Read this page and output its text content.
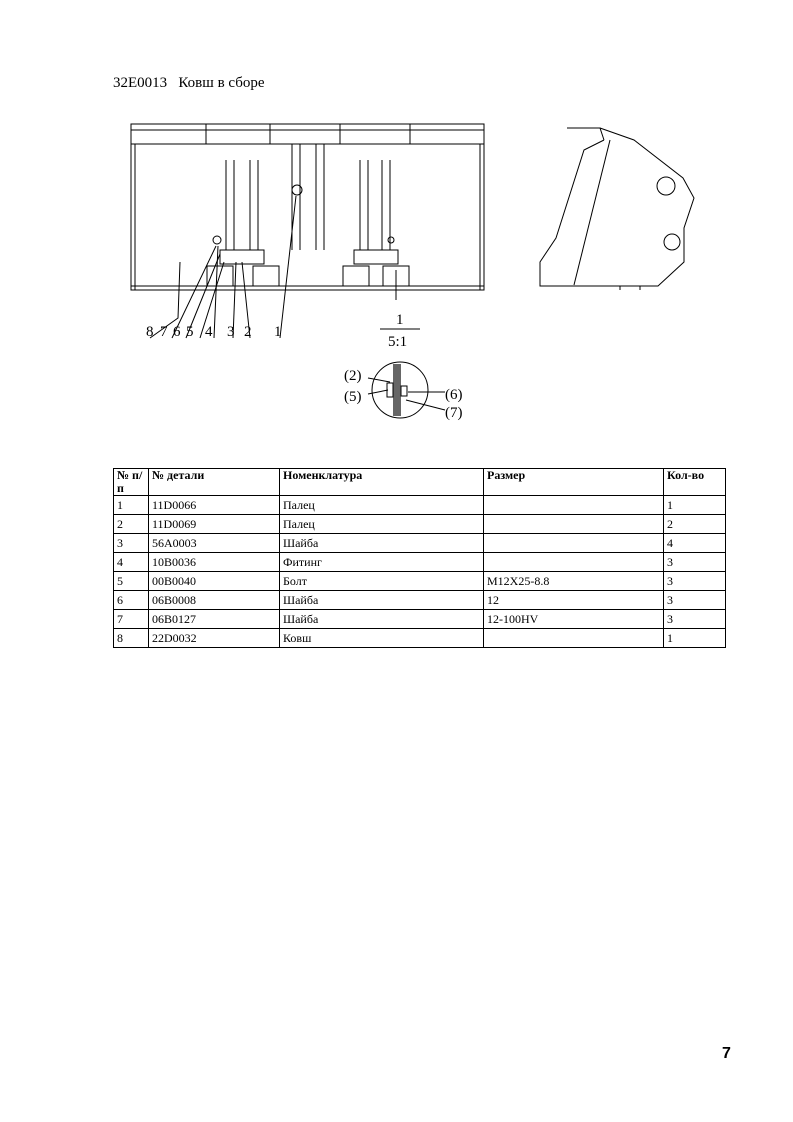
32E0013 Ковш в сборе
8 7 6 5 4 3 2 1
1
5:1
(2)
(5)	(6)
(7)
№ п/п	№ детали	Номенклатура	Размер	Кол-во
1	11D0066	Палец		1
2	11D0069	Палец		2
3	56A0003	Шайба		4
4	10B0036	Фитинг		3
5	00B0040	Болт	M12X25-8.8	3
6	06B0008	Шайба	12	3
7	06B0127	Шайба	12-100HV	3
8	22D0032	Ковш		1
7
